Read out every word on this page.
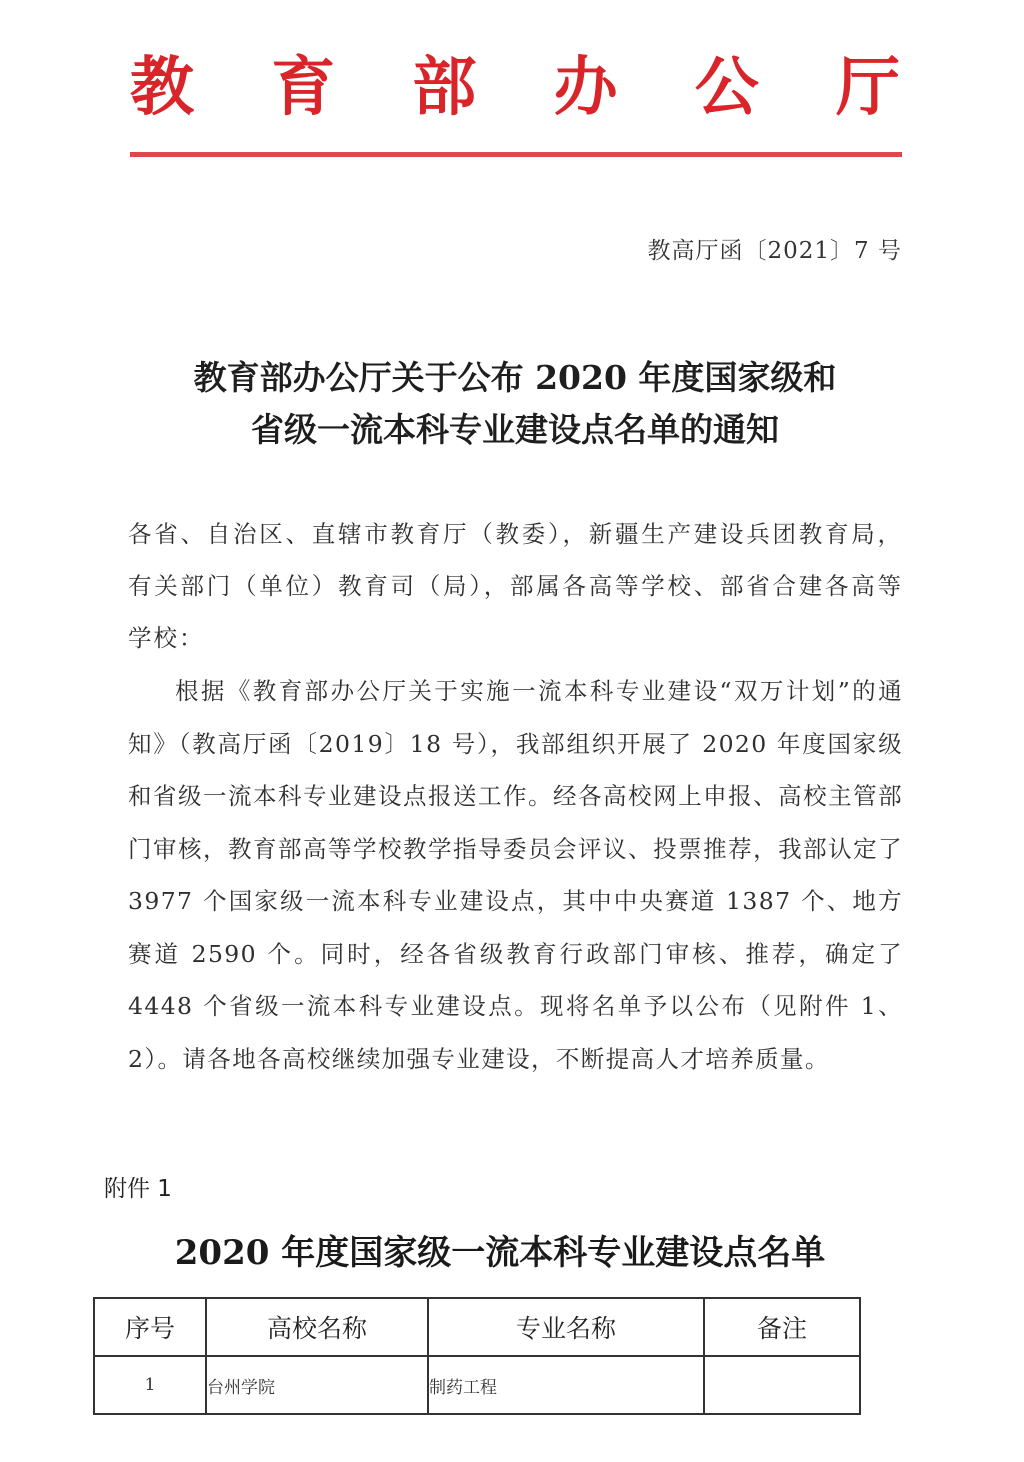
教 育 部 办 公 厅
教高厅函〔2021〕7 号
教育部办公厅关于公布 2020 年度国家级和
省级一流本科专业建设点名单的通知
各省、自治区、直辖市教育厅（教委），新疆生产建设兵团教育局，有关部门（单位）教育司（局），部属各高等学校、部省合建各高等学校：
根据《教育部办公厅关于实施一流本科专业建设“双万计划”的通知》（教高厅函〔2019〕18 号），我部组织开展了 2020 年度国家级和省级一流本科专业建设点报送工作。经各高校网上申报、高校主管部门审核，教育部高等学校教学指导委员会评议、投票推荐，我部认定了 3977 个国家级一流本科专业建设点，其中中央赛道 1387 个、地方赛道 2590 个。同时，经各省级教育行政部门审核、推荐，确定了 4448 个省级一流本科专业建设点。现将名单予以公布（见附件 1、2）。请各地各高校继续加强专业建设，不断提高人才培养质量。
附件 1
2020 年度国家级一流本科专业建设点名单
序号	高校名称	专业名称	备注
1	台州学院	制药工程	
